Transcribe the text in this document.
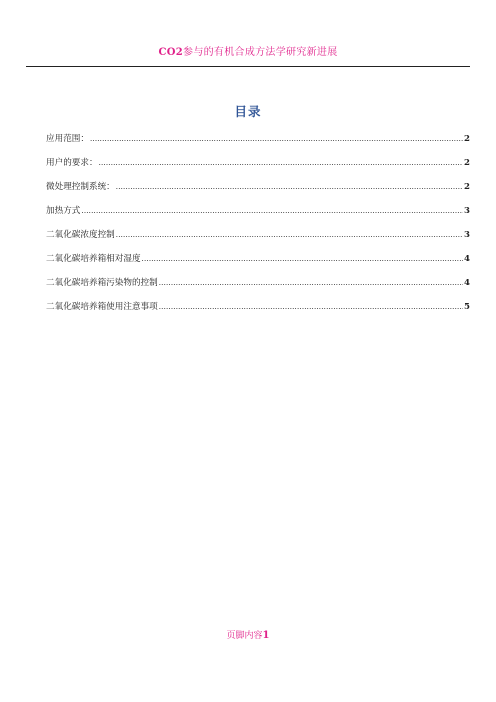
CO2参与的有机合成方法学研究新进展
目录
应用范围： .....	2
用户的要求： .....	2
微处理控制系统： .....	2
加热方式 .....	3
二氧化碳浓度控制 .....	3
二氧化碳培养箱相对湿度 .....	4
二氧化碳培养箱污染物的控制 .....	4
二氧化碳培养箱使用注意事项 .....	5
页脚内容1
